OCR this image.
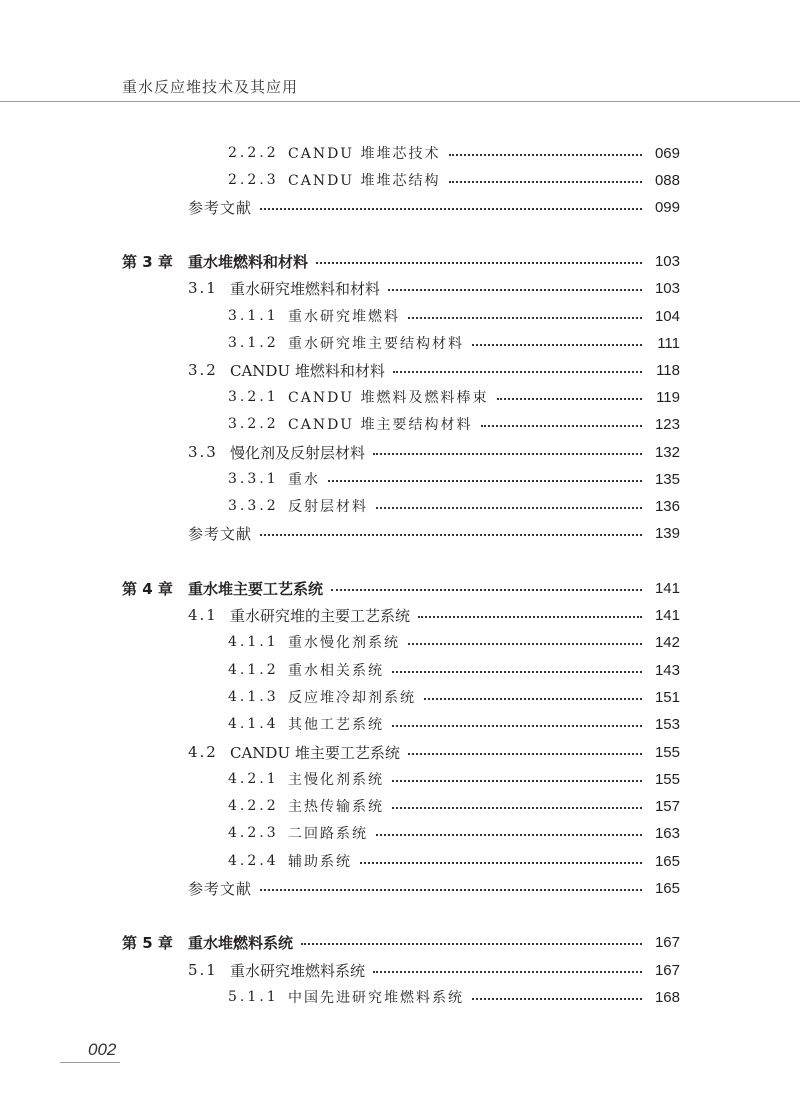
重水反应堆技术及其应用
2.2.2 CANDU 堆堆芯技术	069
2.2.3 CANDU 堆堆芯结构	088
参考文献	099
第 3 章	重水堆燃料和材料	103
3.1 重水研究堆燃料和材料	103
3.1.1 重水研究堆燃料	104
3.1.2 重水研究堆主要结构材料	111
3.2 CANDU 堆燃料和材料	118
3.2.1 CANDU 堆燃料及燃料棒束	119
3.2.2 CANDU 堆主要结构材料	123
3.3 慢化剂及反射层材料	132
3.3.1 重水	135
3.3.2 反射层材料	136
参考文献	139
第 4 章	重水堆主要工艺系统	141
4.1 重水研究堆的主要工艺系统	141
4.1.1 重水慢化剂系统	142
4.1.2 重水相关系统	143
4.1.3 反应堆冷却剂系统	151
4.1.4 其他工艺系统	153
4.2 CANDU 堆主要工艺系统	155
4.2.1 主慢化剂系统	155
4.2.2 主热传输系统	157
4.2.3 二回路系统	163
4.2.4 辅助系统	165
参考文献	165
第 5 章	重水堆燃料系统	167
5.1 重水研究堆燃料系统	167
5.1.1 中国先进研究堆燃料系统	168
002
